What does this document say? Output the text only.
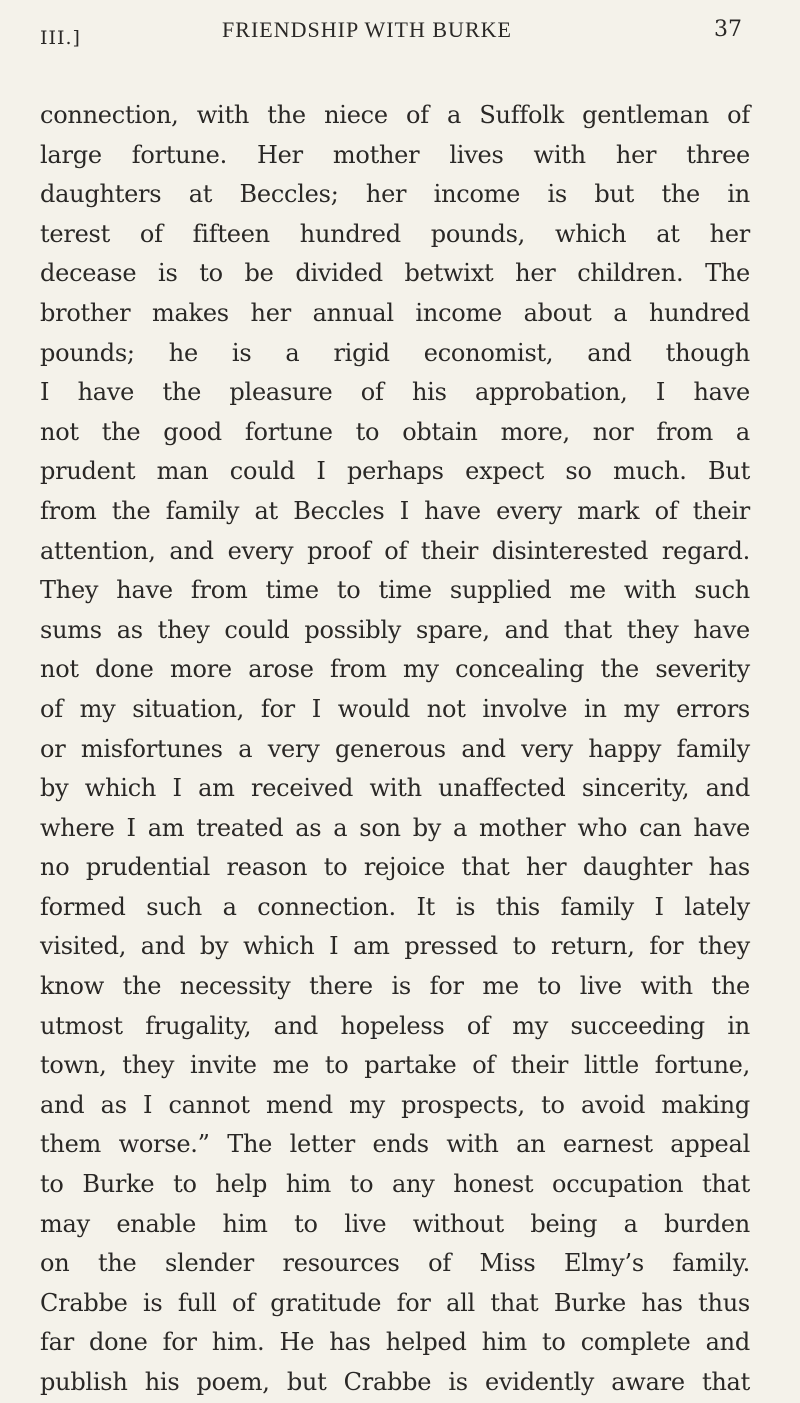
III.]	FRIENDSHIP WITH BURKE	37
connection, with the niece of a Suffolk gentleman of
large fortune. Her mother lives with her three
daughters at Beccles; her income is but the in
terest of fifteen hundred pounds, which at her
decease is to be divided betwixt her children. The
brother makes her annual income about a hundred
pounds; he is a rigid economist, and though
I have the pleasure of his approbation, I have
not the good fortune to obtain more, nor from a
prudent man could I perhaps expect so much. But
from the family at Beccles I have every mark of their
attention, and every proof of their disinterested regard.
They have from time to time supplied me with such
sums as they could possibly spare, and that they have
not done more arose from my concealing the severity
of my situation, for I would not involve in my errors
or misfortunes a very generous and very happy family
by which I am received with unaffected sincerity, and
where I am treated as a son by a mother who can have
no prudential reason to rejoice that her daughter has
formed such a connection. It is this family I lately
visited, and by which I am pressed to return, for they
know the necessity there is for me to live with the
utmost frugality, and hopeless of my succeeding in
town, they invite me to partake of their little fortune,
and as I cannot mend my prospects, to avoid making
them worse.” The letter ends with an earnest appeal
to Burke to help him to any honest occupation that
may enable him to live without being a burden
on the slender resources of Miss Elmy’s family.
Crabbe is full of gratitude for all that Burke has thus
far done for him. He has helped him to complete and
publish his poem, but Crabbe is evidently aware that
